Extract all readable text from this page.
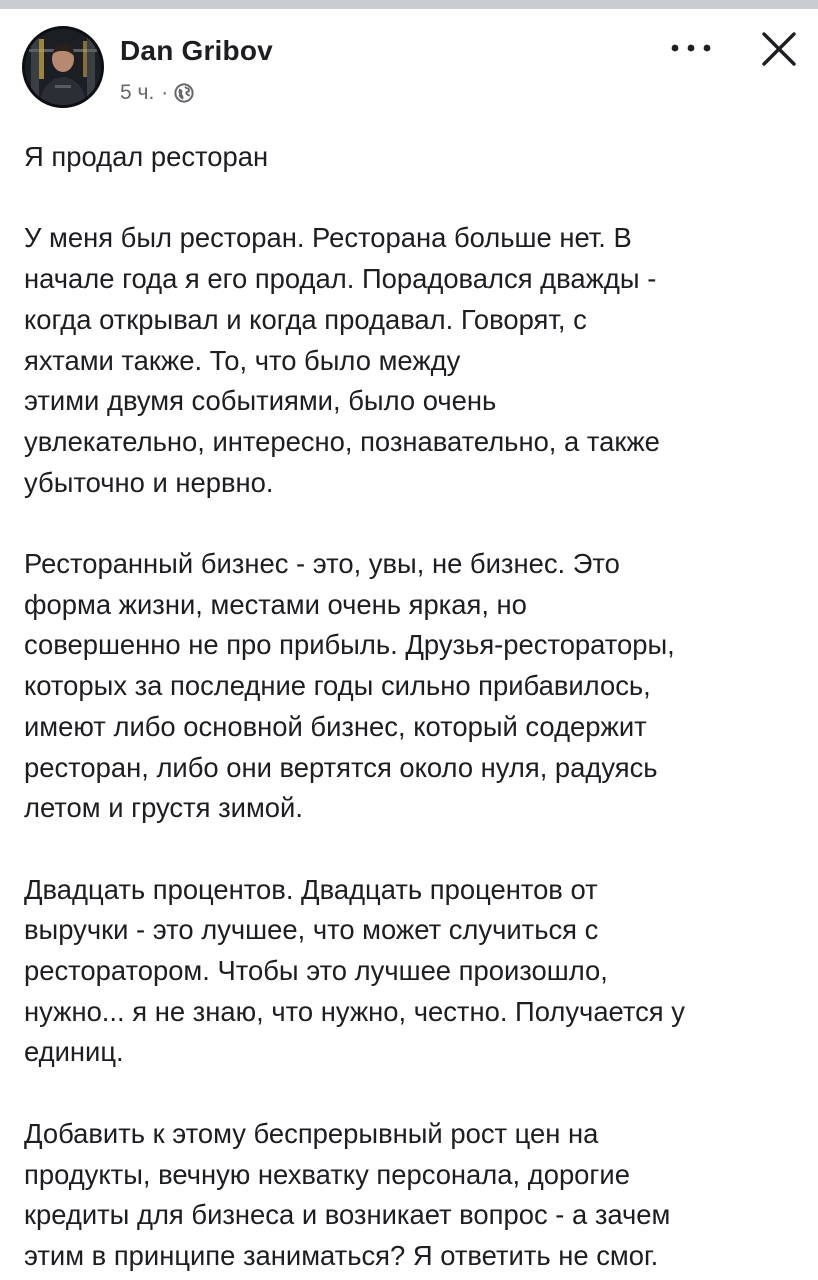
Dan Gribov
5 ч. ·

Я продал ресторан

У меня был ресторан. Ресторана больше нет. В
начале года я его продал. Порадовался дважды -
когда открывал и когда продавал. Говорят, с
яхтами также. То, что было между
этими двумя событиями, было очень
увлекательно, интересно, познавательно, а также
убыточно и нервно.

Ресторанный бизнес - это, увы, не бизнес. Это
форма жизни, местами очень яркая, но
совершенно не про прибыль. Друзья-рестораторы,
которых за последние годы сильно прибавилось,
имеют либо основной бизнес, который содержит
ресторан, либо они вертятся около нуля, радуясь
летом и грустя зимой.

Двадцать процентов. Двадцать процентов от
выручки - это лучшее, что может случиться с
рестоpатором. Чтобы это лучшее произошло,
нужно... я не знаю, что нужно, честно. Получается у
единиц.

Добавить к этому беспрерывный рост цен на
продукты, вечную нехватку персонала, дорогие
кредиты для бизнеса и возникает вопрос - а зачем
этим в принципе заниматься? Я ответить не смог.
